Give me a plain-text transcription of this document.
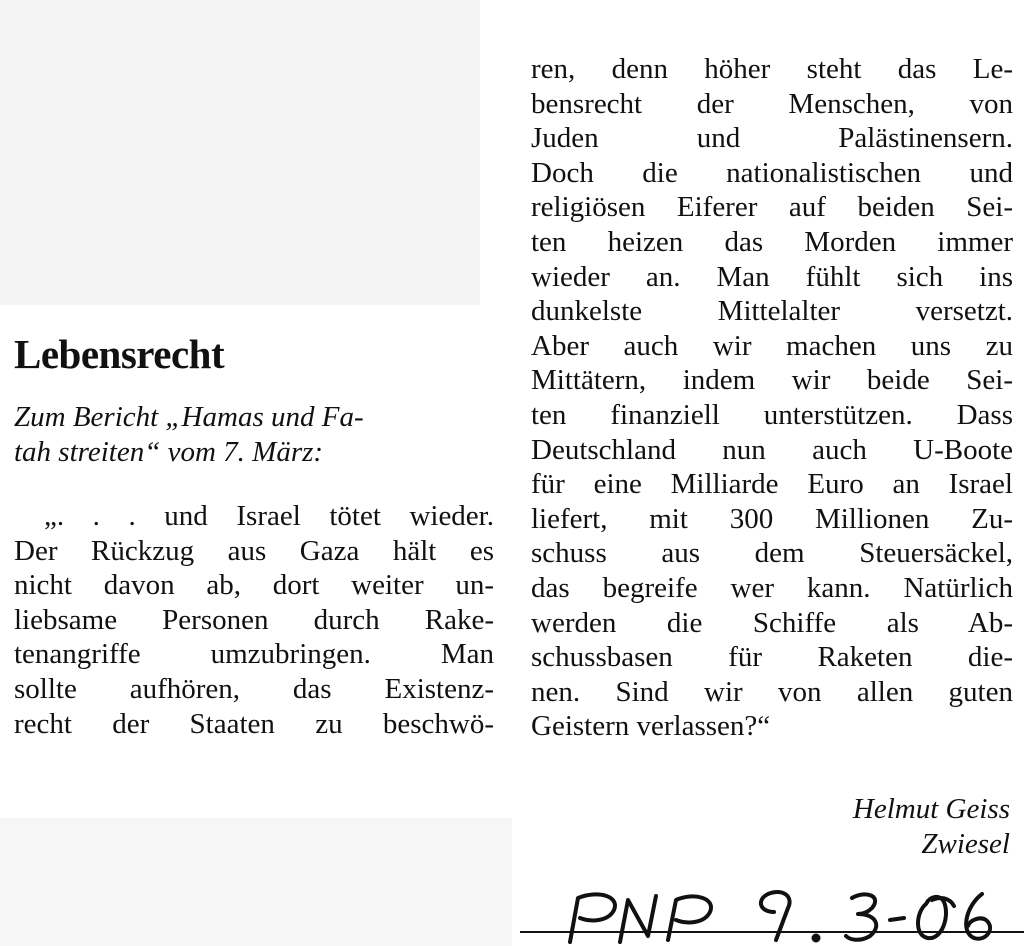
Lebensrecht
Zum Bericht „Hamas und Fa-
tah streiten“ vom 7. März:
„. . . und Israel tötet wieder.
Der Rückzug aus Gaza hält es
nicht davon ab, dort weiter un-
liebsame Personen durch Rake-
tenangriffe umzubringen. Man
sollte aufhören, das Existenz-
recht der Staaten zu beschwö-
ren, denn höher steht das Le-
bensrecht der Menschen, von
Juden und Palästinensern.
Doch die nationalistischen und
religiösen Eiferer auf beiden Sei-
ten heizen das Morden immer
wieder an. Man fühlt sich ins
dunkelste Mittelalter versetzt.
Aber auch wir machen uns zu
Mittätern, indem wir beide Sei-
ten finanziell unterstützen. Dass
Deutschland nun auch U-Boote
für eine Milliarde Euro an Israel
liefert, mit 300 Millionen Zu-
schuss aus dem Steuersäckel,
das begreife wer kann. Natürlich
werden die Schiffe als Ab-
schussbasen für Raketen die-
nen. Sind wir von allen guten
Geistern verlassen?“

Helmut Geiss

Zwiesel
